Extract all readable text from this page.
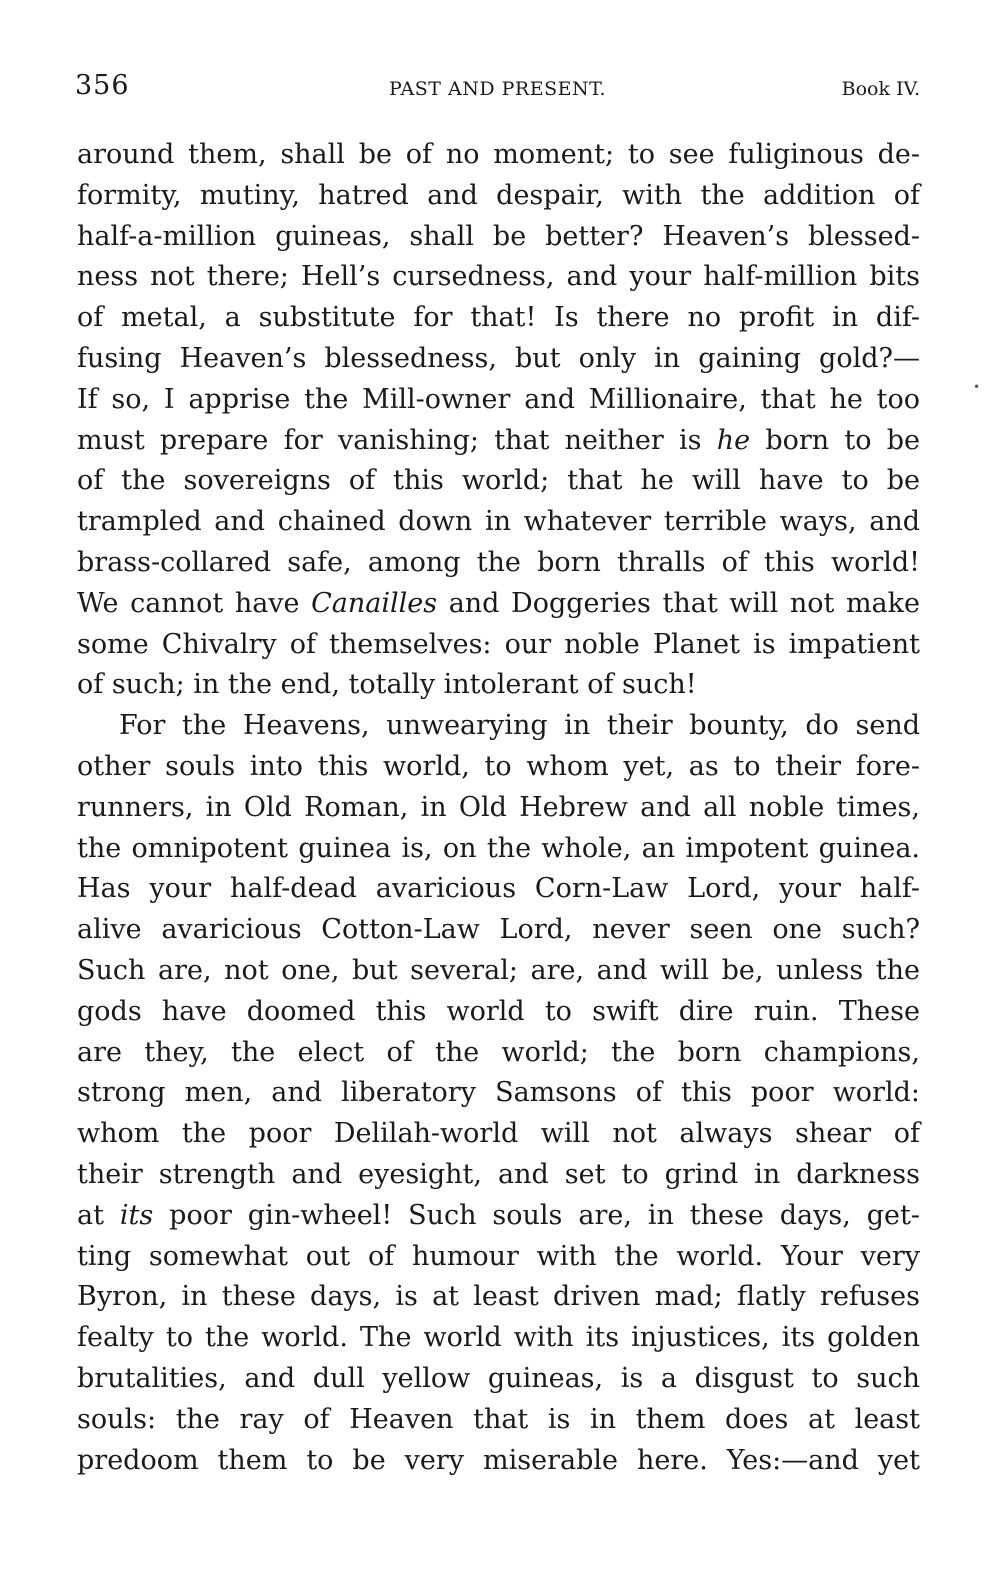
356	PAST AND PRESENT.	Book IV.
•
around them, shall be of no moment; to see fuliginous de-
formity, mutiny, hatred and despair, with the addition of
half-a-million guineas, shall be better? Heaven’s blessed-
ness not there; Hell’s cursedness, and your half-million bits
of metal, a substitute for that! Is there no profit in dif-
fusing Heaven’s blessedness, but only in gaining gold?—
If so, I apprise the Mill-owner and Millionaire, that he too
must prepare for vanishing; that neither is he born to be
of the sovereigns of this world; that he will have to be
trampled and chained down in whatever terrible ways, and
brass-collared safe, among the born thralls of this world!
We cannot have Canailles and Doggeries that will not make
some Chivalry of themselves: our noble Planet is impatient
of such; in the end, totally intolerant of such!
For the Heavens, unwearying in their bounty, do send
other souls into this world, to whom yet, as to their fore-
runners, in Old Roman, in Old Hebrew and all noble times,
the omnipotent guinea is, on the whole, an impotent guinea.
Has your half-dead avaricious Corn-Law Lord, your half-
alive avaricious Cotton-Law Lord, never seen one such?
Such are, not one, but several; are, and will be, unless the
gods have doomed this world to swift dire ruin. These
are they, the elect of the world; the born champions,
strong men, and liberatory Samsons of this poor world:
whom the poor Delilah-world will not always shear of
their strength and eyesight, and set to grind in darkness
at its poor gin-wheel! Such souls are, in these days, get-
ting somewhat out of humour with the world. Your very
Byron, in these days, is at least driven mad; flatly refuses
fealty to the world. The world with its injustices, its golden
brutalities, and dull yellow guineas, is a disgust to such
souls: the ray of Heaven that is in them does at least
predoom them to be very miserable here. Yes:—and yet
